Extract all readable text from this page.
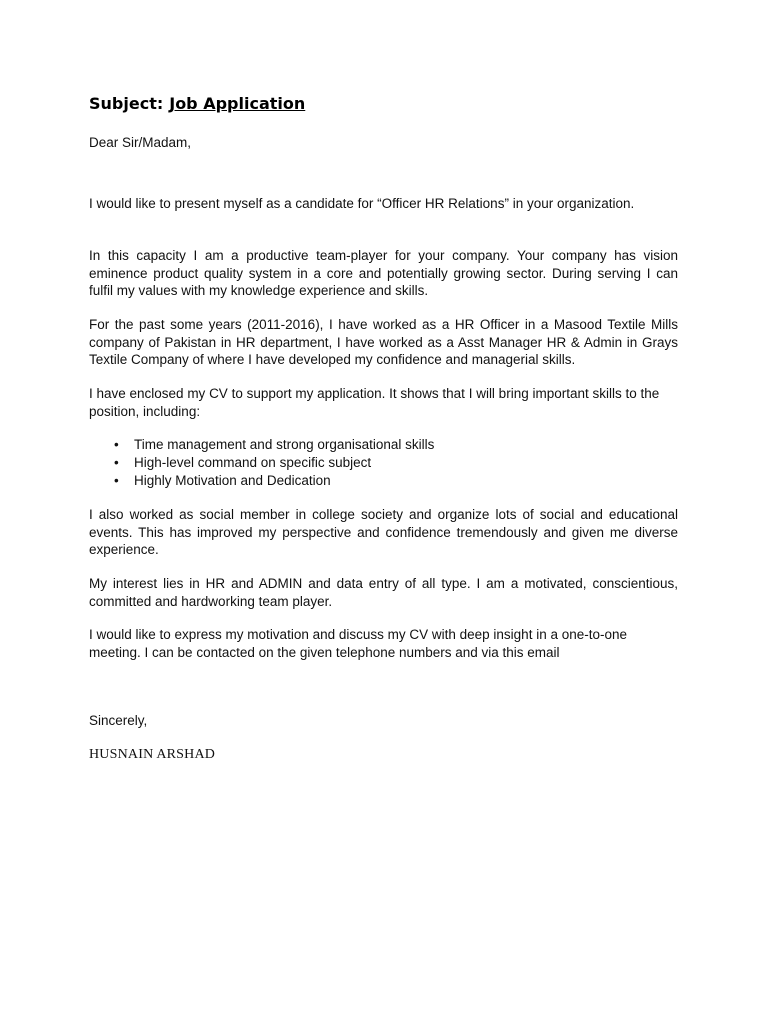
Subject: Job Application
Dear Sir/Madam,
I would like to present myself as a candidate for “Officer HR Relations” in your organization.
In this capacity I am a productive team-player for your company. Your company has vision eminence product quality system in a core and potentially growing sector. During serving I can fulfil my values with my knowledge experience and skills.
For the past some years (2011-2016), I have worked as a HR Officer in a Masood Textile Mills company of Pakistan in HR department, I have worked as a Asst Manager HR & Admin in Grays Textile Company of where I have developed my confidence and managerial skills.
I have enclosed my CV to support my application. It shows that I will bring important skills to the position, including:
• Time management and strong organisational skills
• High-level command on specific subject
• Highly Motivation and Dedication
I also worked as social member in college society and organize lots of social and educational events. This has improved my perspective and confidence tremendously and given me diverse experience.
My interest lies in HR and ADMIN and data entry of all type. I am a motivated, conscientious, committed and hardworking team player.
I would like to express my motivation and discuss my CV with deep insight in a one-to-one meeting. I can be contacted on the given telephone numbers and via this email
Sincerely,
HUSNAIN ARSHAD
